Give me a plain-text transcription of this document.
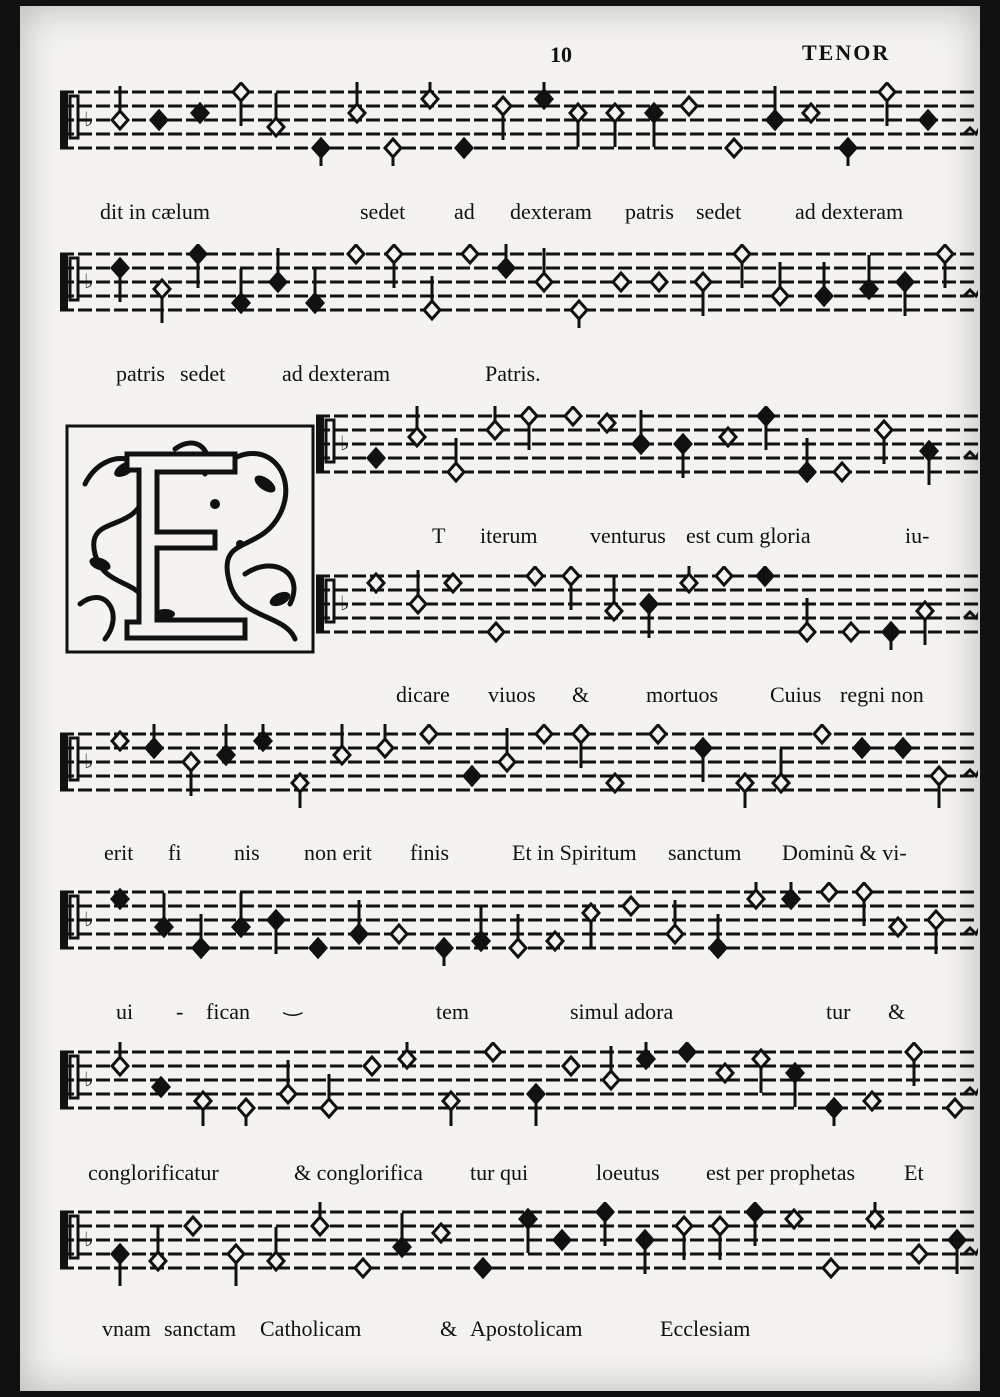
10	TENOR
♭
♭
♭
♭
♭
♭
♭
♭
dit in cælum	sedet ad dexteram patris sedet ad dexteram
patris sedet	ad dexteram	Patris.
T iterum venturus est cum gloria	iu-
dicare viuos &	mortuos Cuius regni non
erit fi nis non erit finis	Et in Spiritum sanctum Dominũ & vi-
ui - fican ‿	tem	simul adora	tur &
conglorificatur	& conglorifica tur qui	loeutus est per prophetas Et
vnam sanctam Catholicam	& Apostolicam	Ecclesiam
